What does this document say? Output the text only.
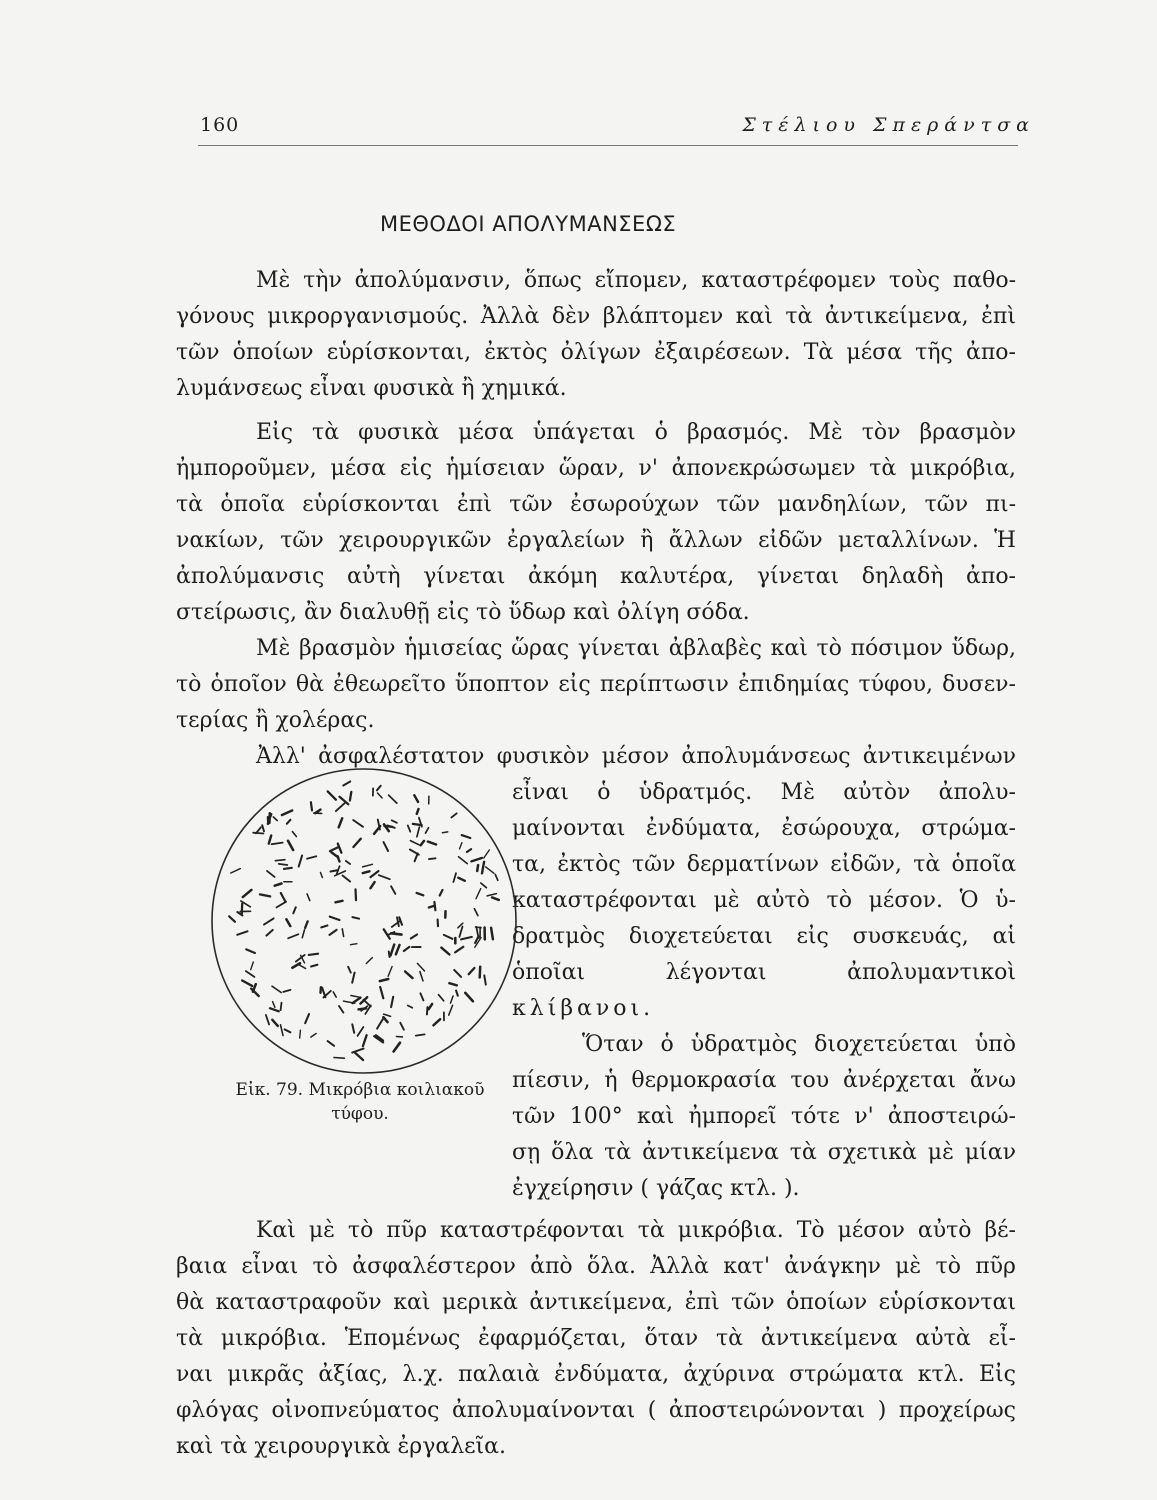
160	Στέλιου Σπεράντσα
ΜΕΘΟΔΟΙ ΑΠΟΛΥΜΑΝΣΕΩΣ
Μὲ τὴν ἀπολύμανσιν, ὅπως εἴπομεν, καταστρέφομεν τοὺς παθο-
γόνους μικροργανισμούς. Ἀλλὰ δὲν βλάπτομεν καὶ τὰ ἀντικείμενα, ἐπὶ
τῶν ὁποίων εὑρίσκονται, ἐκτὸς ὀλίγων ἐξαιρέσεων. Τὰ μέσα τῆς ἀπο-
λυμάνσεως εἶναι φυσικὰ ἢ χημικά.
Εἰς τὰ φυσικὰ μέσα ὑπάγεται ὁ βρασμός. Μὲ τὸν βρασμὸν
ἠμποροῦμεν, μέσα εἰς ἡμίσειαν ὥραν, ν' ἀπονεκρώσωμεν τὰ μικρόβια,
τὰ ὁποῖα εὑρίσκονται ἐπὶ τῶν ἐσωρούχων τῶν μανδηλίων, τῶν πι-
νακίων, τῶν χειρουργικῶν ἐργαλείων ἢ ἄλλων εἰδῶν μεταλλίνων. Ἡ
ἀπολύμανσις αὐτὴ γίνεται ἀκόμη καλυτέρα, γίνεται δηλαδὴ ἀπο-
στείρωσις, ἂν διαλυθῇ εἰς τὸ ὕδωρ καὶ ὀλίγη σόδα.
Μὲ βρασμὸν ἡμισείας ὥρας γίνεται ἀβλαβὲς καὶ τὸ πόσιμον ὕδωρ,
τὸ ὁποῖον θὰ ἐθεωρεῖτο ὕποπτον εἰς περίπτωσιν ἐπιδημίας τύφου, δυσεν-
τερίας ἢ χολέρας.
Ἀλλ' ἀσφαλέστατον φυσικὸν μέσον ἀπολυμάνσεως ἀντικειμένων
εἶναι ὁ ὑδρατμός. Μὲ αὐτὸν ἀπολυ-
μαίνονται ἐνδύματα, ἐσώρουχα, στρώμα-
τα, ἐκτὸς τῶν δερματίνων εἰδῶν, τὰ ὁποῖα
καταστρέφονται μὲ αὐτὸ τὸ μέσον. Ὁ ὑ-
δρατμὸς διοχετεύεται εἰς συσκευάς, αἱ
ὁποῖαι λέγονται ἀπολυμαντικοὶ
κλίβανοι.
Ὅταν ὁ ὑδρατμὸς διοχετεύεται ὑπὸ
πίεσιν, ἡ θερμοκρασία του ἀνέρχεται ἄνω
τῶν 100° καὶ ἠμπορεῖ τότε ν' ἀποστειρώ-
σῃ ὅλα τὰ ἀντικείμενα τὰ σχετικὰ μὲ μίαν
ἐγχείρησιν ( γάζας κτλ. ).
Εἰκ. 79. Μικρόβια κοιλιακοῦ
τύφου.
Καὶ μὲ τὸ πῦρ καταστρέφονται τὰ μικρόβια. Τὸ μέσον αὐτὸ βέ-
βαια εἶναι τὸ ἀσφαλέστερον ἀπὸ ὅλα. Ἀλλὰ κατ' ἀνάγκην μὲ τὸ πῦρ
θὰ καταστραφοῦν καὶ μερικὰ ἀντικείμενα, ἐπὶ τῶν ὁποίων εὑρίσκονται
τὰ μικρόβια. Ἑπομένως ἐφαρμόζεται, ὅταν τὰ ἀντικείμενα αὐτὰ εἶ-
ναι μικρᾶς ἀξίας, λ.χ. παλαιὰ ἐνδύματα, ἀχύρινα στρώματα κτλ. Εἰς
φλόγας οἰνοπνεύματος ἀπολυμαίνονται ( ἀποστειρώνονται ) προχείρως
καὶ τὰ χειρουργικὰ ἐργαλεῖα.
